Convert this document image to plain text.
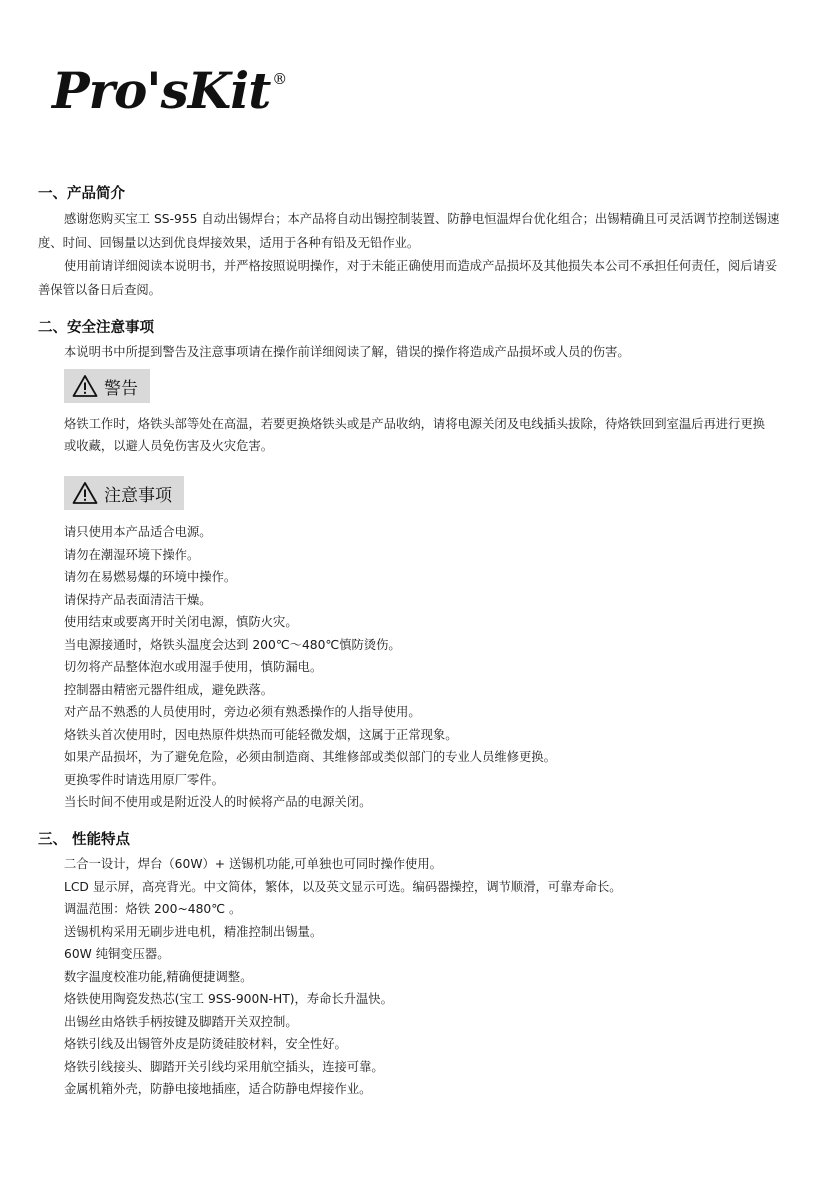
Pro'sKit ®
一、产品简介

感谢您购买宝工 SS-955 自动出锡焊台；本产品将自动出锡控制装置、防静电恒温焊台优化组合；出锡精确且可灵活调节控制送锡速度、时间、回锡量以达到优良焊接效果，适用于各种有铅及无铅作业。

使用前请详细阅读本说明书，并严格按照说明操作，对于未能正确使用而造成产品损坏及其他损失本公司不承担任何责任，阅后请妥善保管以备日后查阅。

二、安全注意事项
本说明书中所提到警告及注意事项请在操作前详细阅读了解，错误的操作将造成产品损坏或人员的伤害。
警告

烙铁工作时，烙铁头部等处在高温，若要更换烙铁头或是产品收纳，请将电源关闭及电线插头拔除，待烙铁回到室温后再进行更换或收藏，以避人员免伤害及火灾危害。

注意事项
请只使用本产品适合电源。
请勿在潮湿环境下操作。
请勿在易燃易爆的环境中操作。
请保持产品表面清洁干燥。
使用结束或要离开时关闭电源，慎防火灾。
当电源接通时，烙铁头温度会达到 200℃～480℃慎防烫伤。
切勿将产品整体泡水或用湿手使用，慎防漏电。
控制器由精密元器件组成，避免跌落。
对产品不熟悉的人员使用时，旁边必须有熟悉操作的人指导使用。
烙铁头首次使用时，因电热原件烘热而可能轻微发烟，这属于正常现象。
如果产品损坏，为了避免危险，必须由制造商、其维修部或类似部门的专业人员维修更换。
更换零件时请选用原厂零件。
当长时间不使用或是附近没人的时候将产品的电源关闭。
三、 性能特点
二合一设计，焊台（60W）+ 送锡机功能,可单独也可同时操作使用。
LCD 显示屏，高亮背光。中文简体，繁体，以及英文显示可选。编码器操控，调节顺滑，可靠寿命长。
调温范围：烙铁 200~480℃ 。
送锡机构采用无刷步进电机，精准控制出锡量。
60W 纯铜变压器。
数字温度校准功能,精确便捷调整。
烙铁使用陶瓷发热芯(宝工 9SS-900N-HT)，寿命长升温快。
出锡丝由烙铁手柄按键及脚踏开关双控制。
烙铁引线及出锡管外皮是防烫硅胶材料，安全性好。
烙铁引线接头、脚踏开关引线均采用航空插头，连接可靠。
金属机箱外壳，防静电接地插座，适合防静电焊接作业。
